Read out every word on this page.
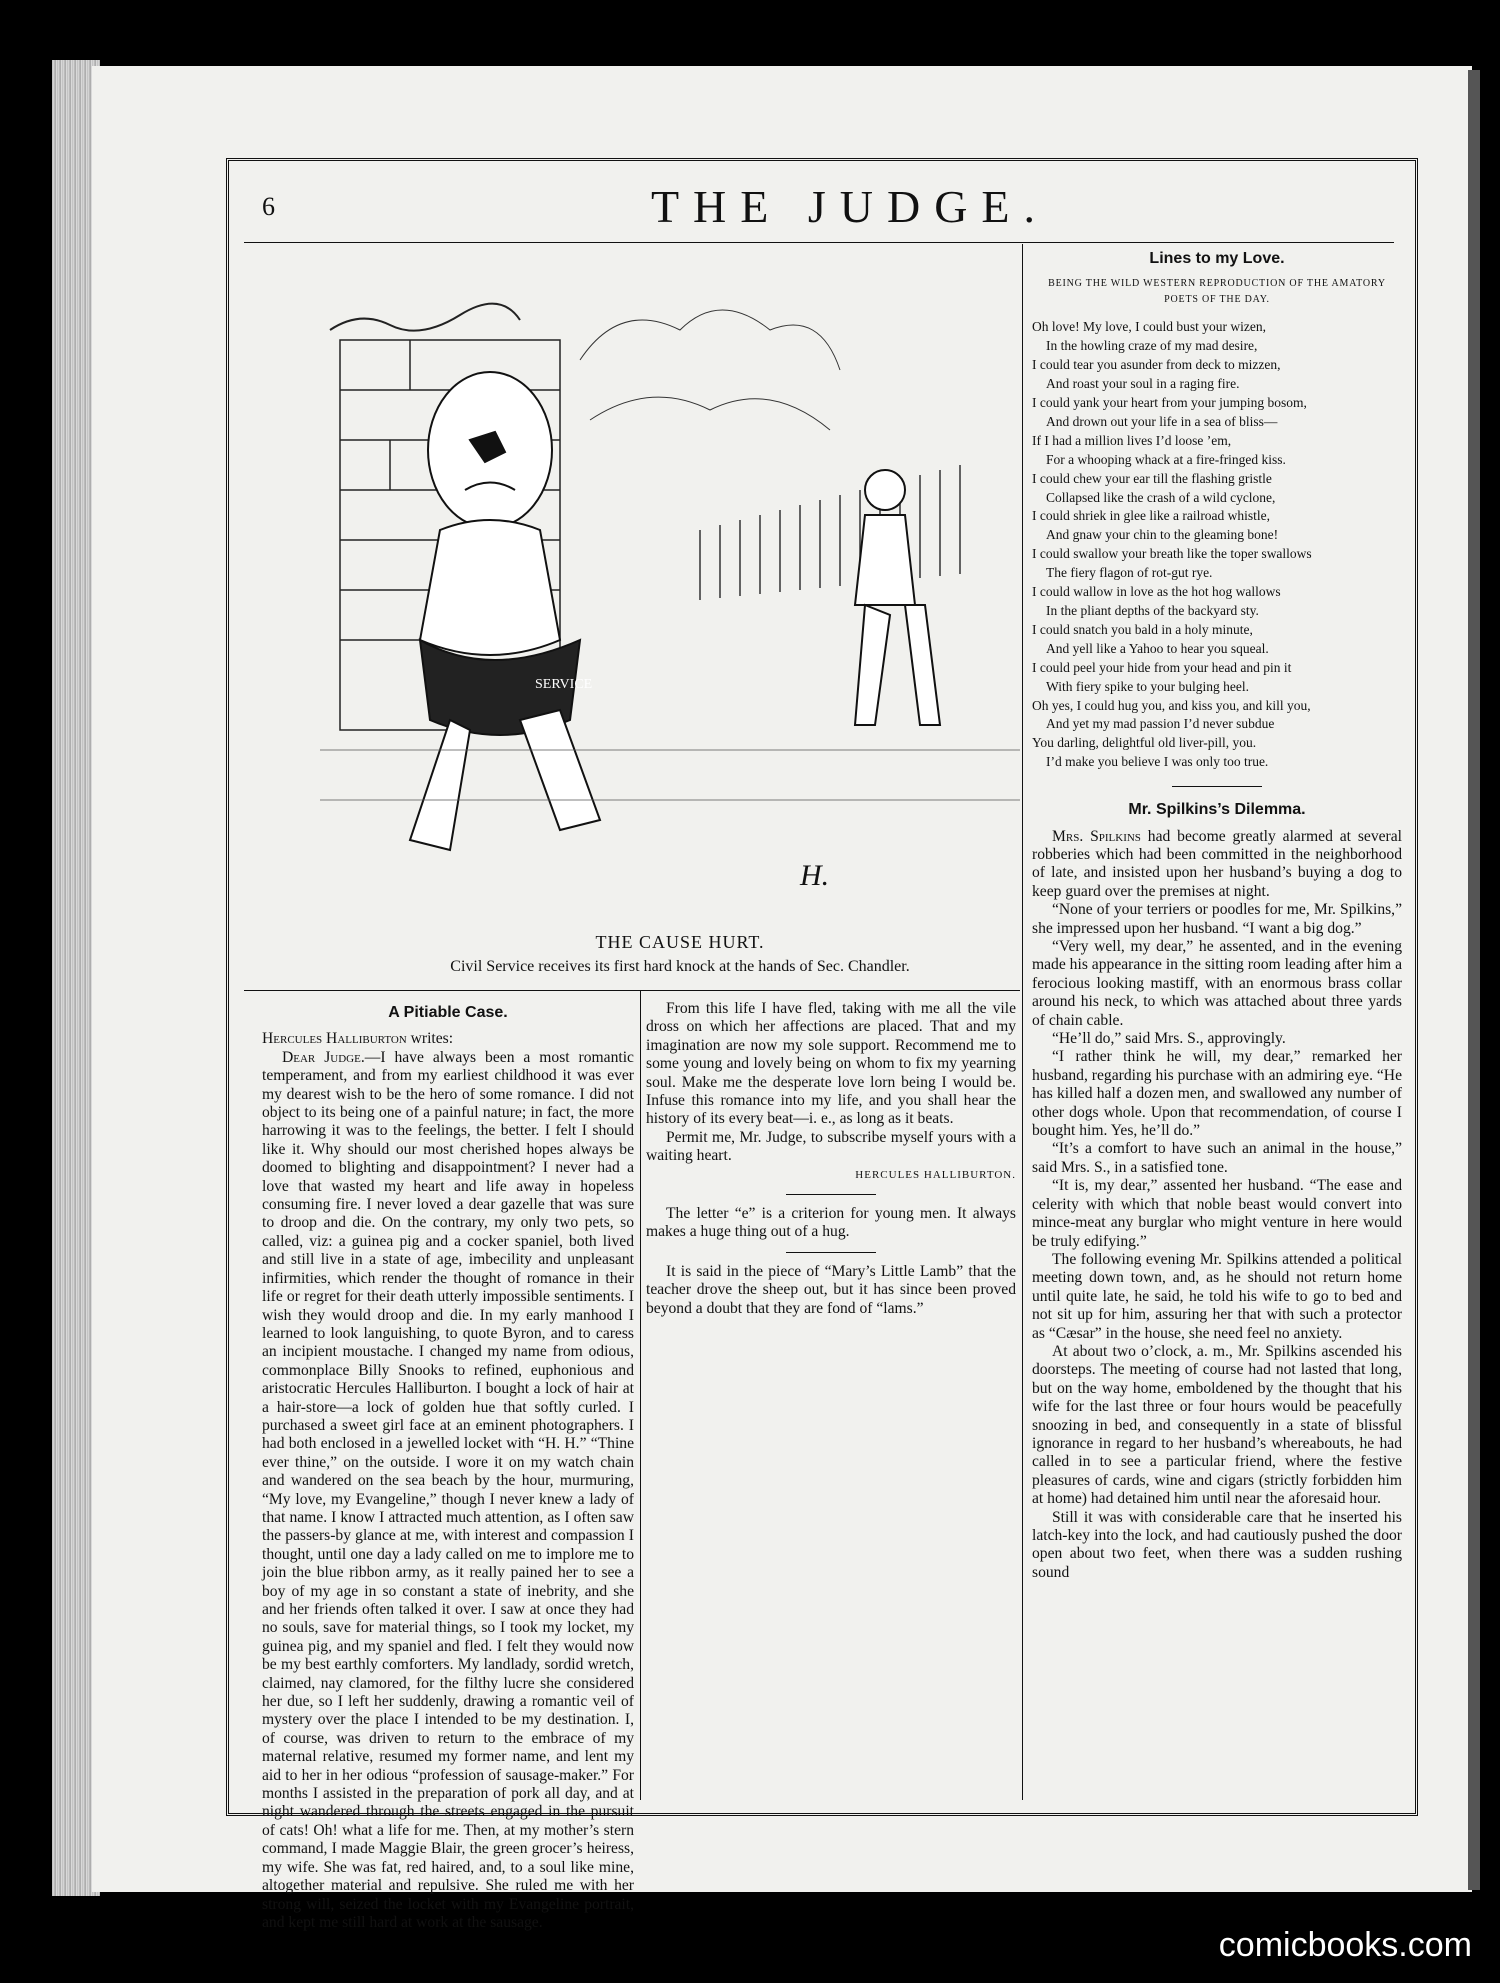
6	THE JUDGE.
SERVICE
H.
THE CAUSE HURT.
Civil Service receives its first hard knock at the hands of Sec. Chandler.
A Pitiable Case.

Hercules Halliburton writes:

Dear Judge.—I have always been a most romantic temperament, and from my earliest childhood it was ever my dearest wish to be the hero of some romance. I did not object to its being one of a painful nature; in fact, the more harrowing it was to the feelings, the better. I felt I should like it. Why should our most cherished hopes always be doomed to blighting and disappointment? I never had a love that wasted my heart and life away in hopeless consuming fire. I never loved a dear gazelle that was sure to droop and die. On the contrary, my only two pets, so called, viz: a guinea pig and a cocker spaniel, both lived and still live in a state of age, imbecility and unpleasant infirmities, which render the thought of romance in their life or regret for their death utterly impossible sentiments. I wish they would droop and die. In my early manhood I learned to look languishing, to quote Byron, and to caress an incipient moustache. I changed my name from odious, commonplace Billy Snooks to refined, euphonious and aristocratic Hercules Halliburton. I bought a lock of hair at a hair-store—a lock of golden hue that softly curled. I purchased a sweet girl face at an eminent photographers. I had both enclosed in a jewelled locket with “H. H.” “Thine ever thine,” on the outside. I wore it on my watch chain and wandered on the sea beach by the hour, murmuring, “My love, my Evangeline,” though I never knew a lady of that name. I know I attracted much attention, as I often saw the passers-by glance at me, with interest and compassion I thought, until one day a lady called on me to implore me to join the blue ribbon army, as it really pained her to see a boy of my age in so constant a state of inebrity, and she and her friends often talked it over. I saw at once they had no souls, save for material things, so I took my locket, my guinea pig, and my spaniel and fled. I felt they would now be my best earthly comforters. My landlady, sordid wretch, claimed, nay clamored, for the filthy lucre she considered her due, so I left her suddenly, drawing a romantic veil of mystery over the place I intended to be my destination. I, of course, was driven to return to the embrace of my maternal relative, resumed my former name, and lent my aid to her in her odious “profession of sausage-maker.” For months I assisted in the preparation of pork all day, and at night wandered through the streets engaged in the pursuit of cats! Oh! what a life for me. Then, at my mother’s stern command, I made Maggie Blair, the green grocer’s heiress, my wife. She was fat, red haired, and, to a soul like mine, altogether material and repulsive. She ruled me with her strong will, seized the locket with my Evangeline portrait, and kept me still hard at work at the sausage.

From this life I have fled, taking with me all the vile dross on which her affections are placed. That and my imagination are now my sole support. Recommend me to some young and lovely being on whom to fix my yearning soul. Make me the desperate love lorn being I would be. Infuse this romance into my life, and you shall hear the history of its every beat—i. e., as long as it beats.

Permit me, Mr. Judge, to subscribe myself yours with a waiting heart.

HERCULES HALLIBURTON.

The letter “e” is a criterion for young men. It always makes a huge thing out of a hug.

It is said in the piece of “Mary’s Little Lamb” that the teacher drove the sheep out, but it has since been proved beyond a doubt that they are fond of “lams.”

Lines to my Love.
BEING THE WILD WESTERN REPRODUCTION OF THE AMATORY POETS OF THE DAY.
Oh love! My love, I could bust your wizen,
In the howling craze of my mad desire,
I could tear you asunder from deck to mizzen,
And roast your soul in a raging fire.
I could yank your heart from your jumping bosom,
And drown out your life in a sea of bliss—
If I had a million lives I’d loose ’em,
For a whooping whack at a fire-fringed kiss.
I could chew your ear till the flashing gristle
Collapsed like the crash of a wild cyclone,
I could shriek in glee like a railroad whistle,
And gnaw your chin to the gleaming bone!
I could swallow your breath like the toper swallows
The fiery flagon of rot-gut rye.
I could wallow in love as the hot hog wallows
In the pliant depths of the backyard sty.
I could snatch you bald in a holy minute,
And yell like a Yahoo to hear you squeal.
I could peel your hide from your head and pin it
With fiery spike to your bulging heel.
Oh yes, I could hug you, and kiss you, and kill you,
And yet my mad passion I’d never subdue
You darling, delightful old liver-pill, you.
I’d make you believe I was only too true.
Mr. Spilkins’s Dilemma.

Mrs. Spilkins had become greatly alarmed at several robberies which had been committed in the neighborhood of late, and insisted upon her husband’s buying a dog to keep guard over the premises at night.

“None of your terriers or poodles for me, Mr. Spilkins,” she impressed upon her husband. “I want a big dog.”

“Very well, my dear,” he assented, and in the evening made his appearance in the sitting room leading after him a ferocious looking mastiff, with an enormous brass collar around his neck, to which was attached about three yards of chain cable.

“He’ll do,” said Mrs. S., approvingly.

“I rather think he will, my dear,” remarked her husband, regarding his purchase with an admiring eye. “He has killed half a dozen men, and swallowed any number of other dogs whole. Upon that recommendation, of course I bought him. Yes, he’ll do.”

“It’s a comfort to have such an animal in the house,” said Mrs. S., in a satisfied tone.

“It is, my dear,” assented her husband. “The ease and celerity with which that noble beast would convert into mince-meat any burglar who might venture in here would be truly edifying.”

The following evening Mr. Spilkins attended a political meeting down town, and, as he should not return home until quite late, he said, he told his wife to go to bed and not sit up for him, assuring her that with such a protector as “Cæsar” in the house, she need feel no anxiety.

At about two o’clock, a. m., Mr. Spilkins ascended his doorsteps. The meeting of course had not lasted that long, but on the way home, emboldened by the thought that his wife for the last three or four hours would be peacefully snoozing in bed, and consequently in a state of blissful ignorance in regard to her husband’s whereabouts, he had called in to see a particular friend, where the festive pleasures of cards, wine and cigars (strictly forbidden him at home) had detained him until near the aforesaid hour.

Still it was with considerable care that he inserted his latch-key into the lock, and had cautiously pushed the door open about two feet, when there was a sudden rushing sound

comicbooks.com
